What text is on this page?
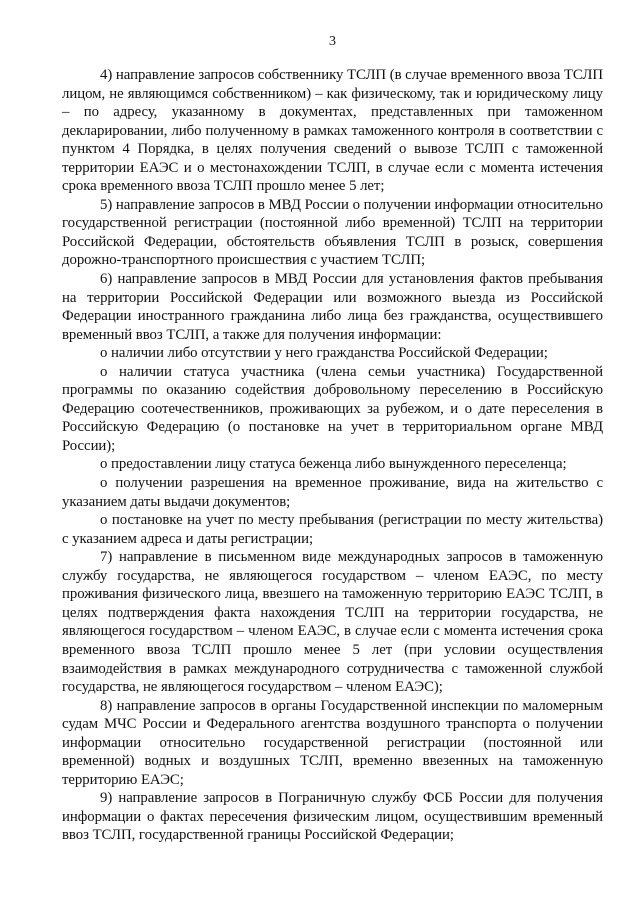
3

4) направление запросов собственнику ТСЛП (в случае временного ввоза ТСЛП лицом, не являющимся собственником) – как физическому, так и юридическому лицу – по адресу, указанному в документах, представленных при таможенном декларировании, либо полученному в рамках таможенного контроля в соответствии с пунктом 4 Порядка, в целях получения сведений о вывозе ТСЛП с таможенной территории ЕАЭС и о местонахождении ТСЛП, в случае если с момента истечения срока временного ввоза ТСЛП прошло менее 5 лет;

5) направление запросов в МВД России о получении информации относительно государственной регистрации (постоянной либо временной) ТСЛП на территории Российской Федерации, обстоятельств объявления ТСЛП в розыск, совершения дорожно-транспортного происшествия с участием ТСЛП;

6) направление запросов в МВД России для установления фактов пребывания на территории Российской Федерации или возможного выезда из Российской Федерации иностранного гражданина либо лица без гражданства, осуществившего временный ввоз ТСЛП, а также для получения информации:

о наличии либо отсутствии у него гражданства Российской Федерации;

о наличии статуса участника (члена семьи участника) Государственной программы по оказанию содействия добровольному переселению в Российскую Федерацию соотечественников, проживающих за рубежом, и о дате переселения в Российскую Федерацию (о постановке на учет в территориальном органе МВД России);

о предоставлении лицу статуса беженца либо вынужденного переселенца;

о получении разрешения на временное проживание, вида на жительство с указанием даты выдачи документов;

о постановке на учет по месту пребывания (регистрации по месту жительства) с указанием адреса и даты регистрации;

7) направление в письменном виде международных запросов в таможенную службу государства, не являющегося государством – членом ЕАЭС, по месту проживания физического лица, ввезшего на таможенную территорию ЕАЭС ТСЛП, в целях подтверждения факта нахождения ТСЛП на территории государства, не являющегося государством – членом ЕАЭС, в случае если с момента истечения срока временного ввоза ТСЛП прошло менее 5 лет (при условии осуществления взаимодействия в рамках международного сотрудничества с таможенной службой государства, не являющегося государством – членом ЕАЭС);

8) направление запросов в органы Государственной инспекции по маломерным судам МЧС России и Федерального агентства воздушного транспорта о получении информации относительно государственной регистрации (постоянной или временной) водных и воздушных ТСЛП, временно ввезенных на таможенную территорию ЕАЭС;

9) направление запросов в Пограничную службу ФСБ России для получения информации о фактах пересечения физическим лицом, осуществившим временный ввоз ТСЛП, государственной границы Российской Федерации;
